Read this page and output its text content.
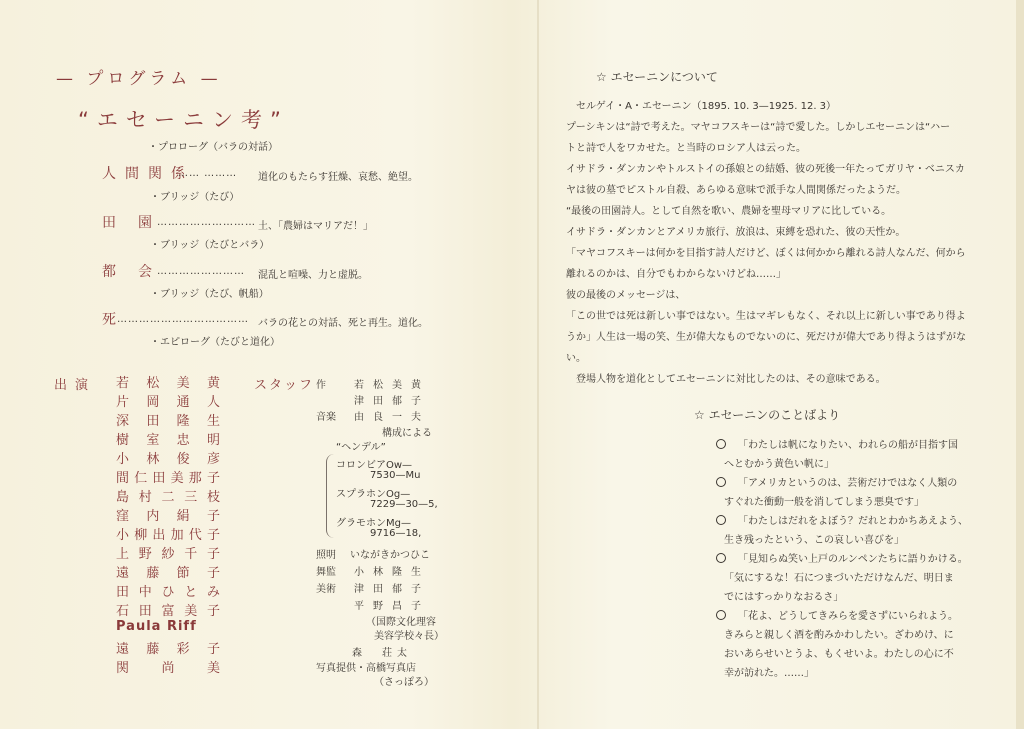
— プログラム —
“エセーニン考”
・プロローグ（バラの対話）
人間関係
…… ……… 道化のもたらす狂燥、哀愁、絶望。
・ブリッジ（たび）
田園
……………………… 土、「農婦はマリアだ！」
・ブリッジ（たびとバラ）
都会
…………………… 混乱と喧噪、力と虚脱。
・ブリッジ（たび、帆船）
死
……………………………… バラの花との対話、死と再生。道化。
・エピローグ（たびと道化）
出演 若 松 美 黄
片 岡 通 人
深 田 隆 生
樹 室 忠 明
小 林 俊 彦
間 仁 田 美 那 子
島 村 二 三 枝
窪 内 絹 子
小 柳 出 加 代 子
上 野 紗 千 子
遠 藤 節 子
田 中 ひ と み
石 田 富 美 子
Paula Riff
遠 藤 彩 子
関 尚 美
スタッフ 作	若松美黄
津田郁子
音楽 由良一夫
構成による
“ヘンデル”
コロンビアOw—
7530—Mu
スプラホンOg—
7229—30—5,
グラモホンMg—
9716—18,
照明 いながきかつひこ
舞監 小林隆生
美術 津田郁子
平野昌子
（国際文化理容
美容学校々長）
森　荘太
写真提供・高橋写真店
（さっぽろ）
☆ エセーニンについて
セルゲイ・A・エセーニン（1895. 10. 3—1925. 12. 3）
プーシキンは“詩で考えた。マヤコフスキーは“詩で愛した。しかしエセーニンは“ハー
トと詩で人をワカせた。と当時のロシア人は云った。
イサドラ・ダンカンやトルストイの孫娘との結婚、彼の死後一年たってガリヤ・ベニスカ
ヤは彼の墓でピストル自殺、あらゆる意味で派手な人間関係だったようだ。
“最後の田園詩人。として自然を歌い、農婦を聖母マリアに比している。
イサドラ・ダンカンとアメリカ旅行、放浪は、束縛を恐れた、彼の天性か。
「マヤコフスキーは何かを目指す詩人だけど、ぼくは何かから離れる詩人なんだ、何から
離れるのかは、自分でもわからないけどね……」
彼の最後のメッセージは、
「この世では死は新しい事ではない。生はマギレもなく、それ以上に新しい事であり得よ
うか」人生は一場の笑、生が偉大なものでないのに、死だけが偉大であり得ようはずがな
い。
登場人物を道化としてエセーニンに対比したのは、その意味である。
☆ エセーニンのことばより
「わたしは帆になりたい、われらの船が目指す国
へとむかう黄色い帆に」
「アメリカというのは、芸術だけではなく人類の
すぐれた衝動一般を消してしまう悪臭です」
「わたしはだれをよぼう？だれとわかちあえよう、
生き残ったという、この哀しい喜びを」
「見知らぬ笑い上戸のルンペンたちに語りかける。
「気にするな！石につまづいただけなんだ、明日ま
でにはすっかりなおるさ」
「花よ、どうしてきみらを愛さずにいられよう。
きみらと親しく酒を酌みかわしたい。ざわめけ、に
おいあらせいとうよ、もくせいよ。わたしの心に不
幸が訪れた。……」
